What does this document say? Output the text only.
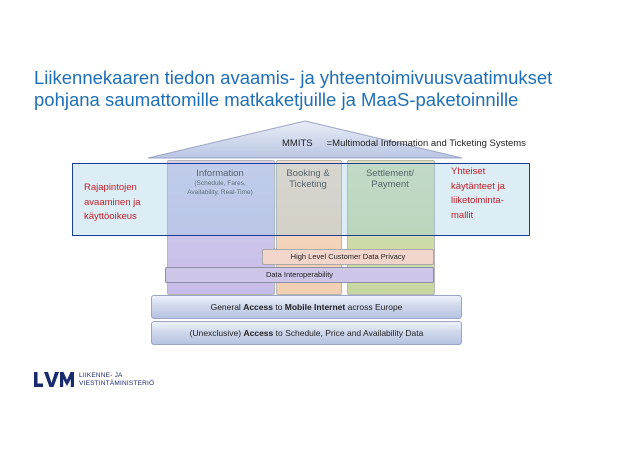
Liikennekaaren tiedon avaamis- ja yhteentoimivuusvaatimukset
pohjana saumattomille matkaketjuille ja MaaS-paketoinnille
MMITS =Multimodal Information and Ticketing Systems
Information
(Schedule, Fares,
Availability, Real-Time)
Booking &
Ticketing
Settlement/
Payment
High Level Customer Data Privacy
Data Interoperability
Rajapintojen
avaaminen ja
käyttöoikeus
Yhteiset
käytänteet ja
liiketoiminta-
mallit
General Access to Mobile Internet across Europe
(Unexclusive) Access to Schedule, Price and Availability Data
LIIKENNE- JA
VIESTINTÄMINISTERIÖ
